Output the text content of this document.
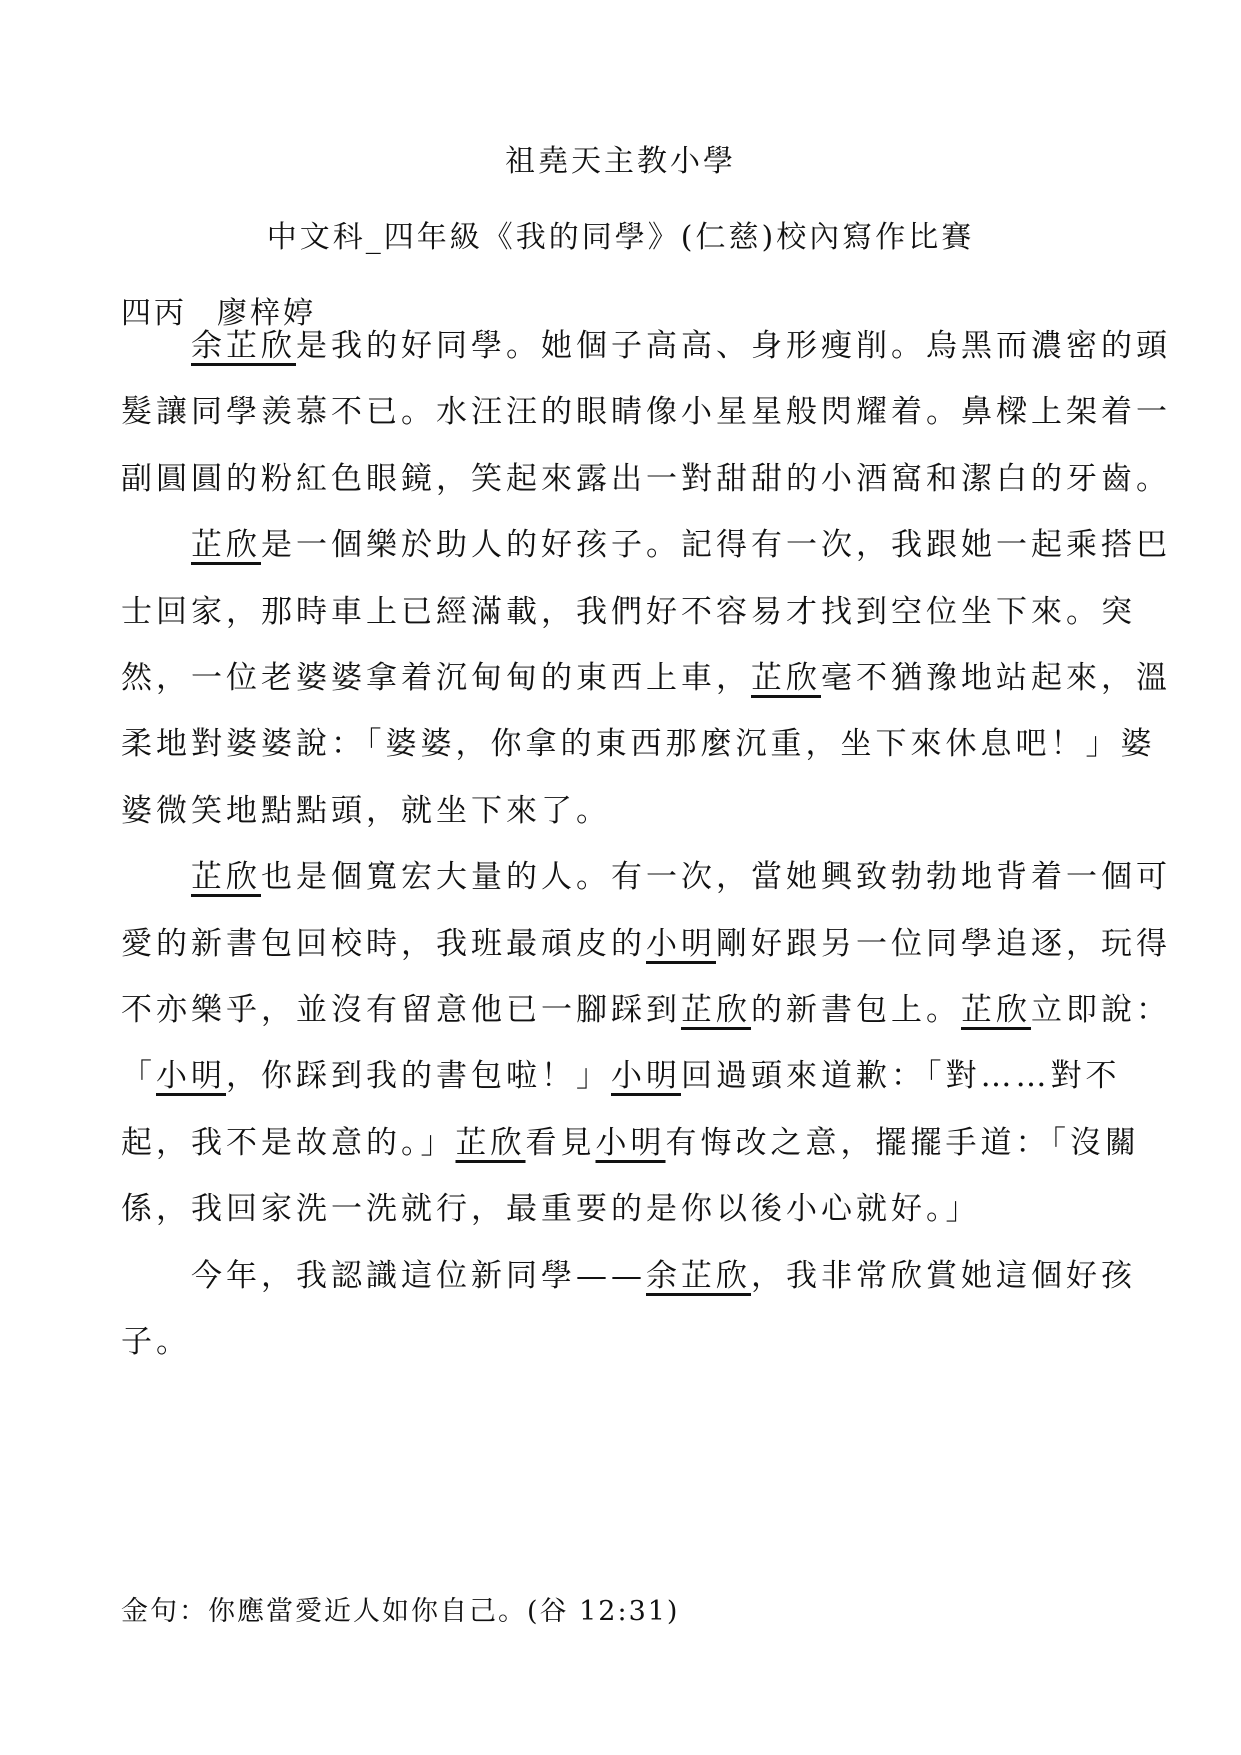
祖堯天主教小學
中文科_四年級《我的同學》(仁慈)校內寫作比賽
四丙 廖梓婷
　　余芷欣是我的好同學。她個子高高、身形瘦削。烏黑而濃密的頭
髮讓同學羨慕不已。水汪汪的眼睛像小星星般閃耀着。鼻樑上架着一
副圓圓的粉紅色眼鏡，笑起來露出一對甜甜的小酒窩和潔白的牙齒。
　　芷欣是一個樂於助人的好孩子。記得有一次，我跟她一起乘搭巴
士回家，那時車上已經滿載，我們好不容易才找到空位坐下來。突
然，一位老婆婆拿着沉甸甸的東西上車，芷欣毫不猶豫地站起來，溫
柔地對婆婆說：「婆婆，你拿的東西那麼沉重，坐下來休息吧！」婆
婆微笑地點點頭，就坐下來了。
　　芷欣也是個寬宏大量的人。有一次，當她興致勃勃地背着一個可
愛的新書包回校時，我班最頑皮的小明剛好跟另一位同學追逐，玩得
不亦樂乎，並沒有留意他已一腳踩到芷欣的新書包上。芷欣立即說：
「小明，你踩到我的書包啦！」小明回過頭來道歉：「對……對不
起，我不是故意的。」芷欣看見小明有悔改之意，擺擺手道：「沒關
係，我回家洗一洗就行，最重要的是你以後小心就好。」
　　今年，我認識這位新同學——余芷欣，我非常欣賞她這個好孩
子。
金句：你應當愛近人如你自己。(谷 12:31)
